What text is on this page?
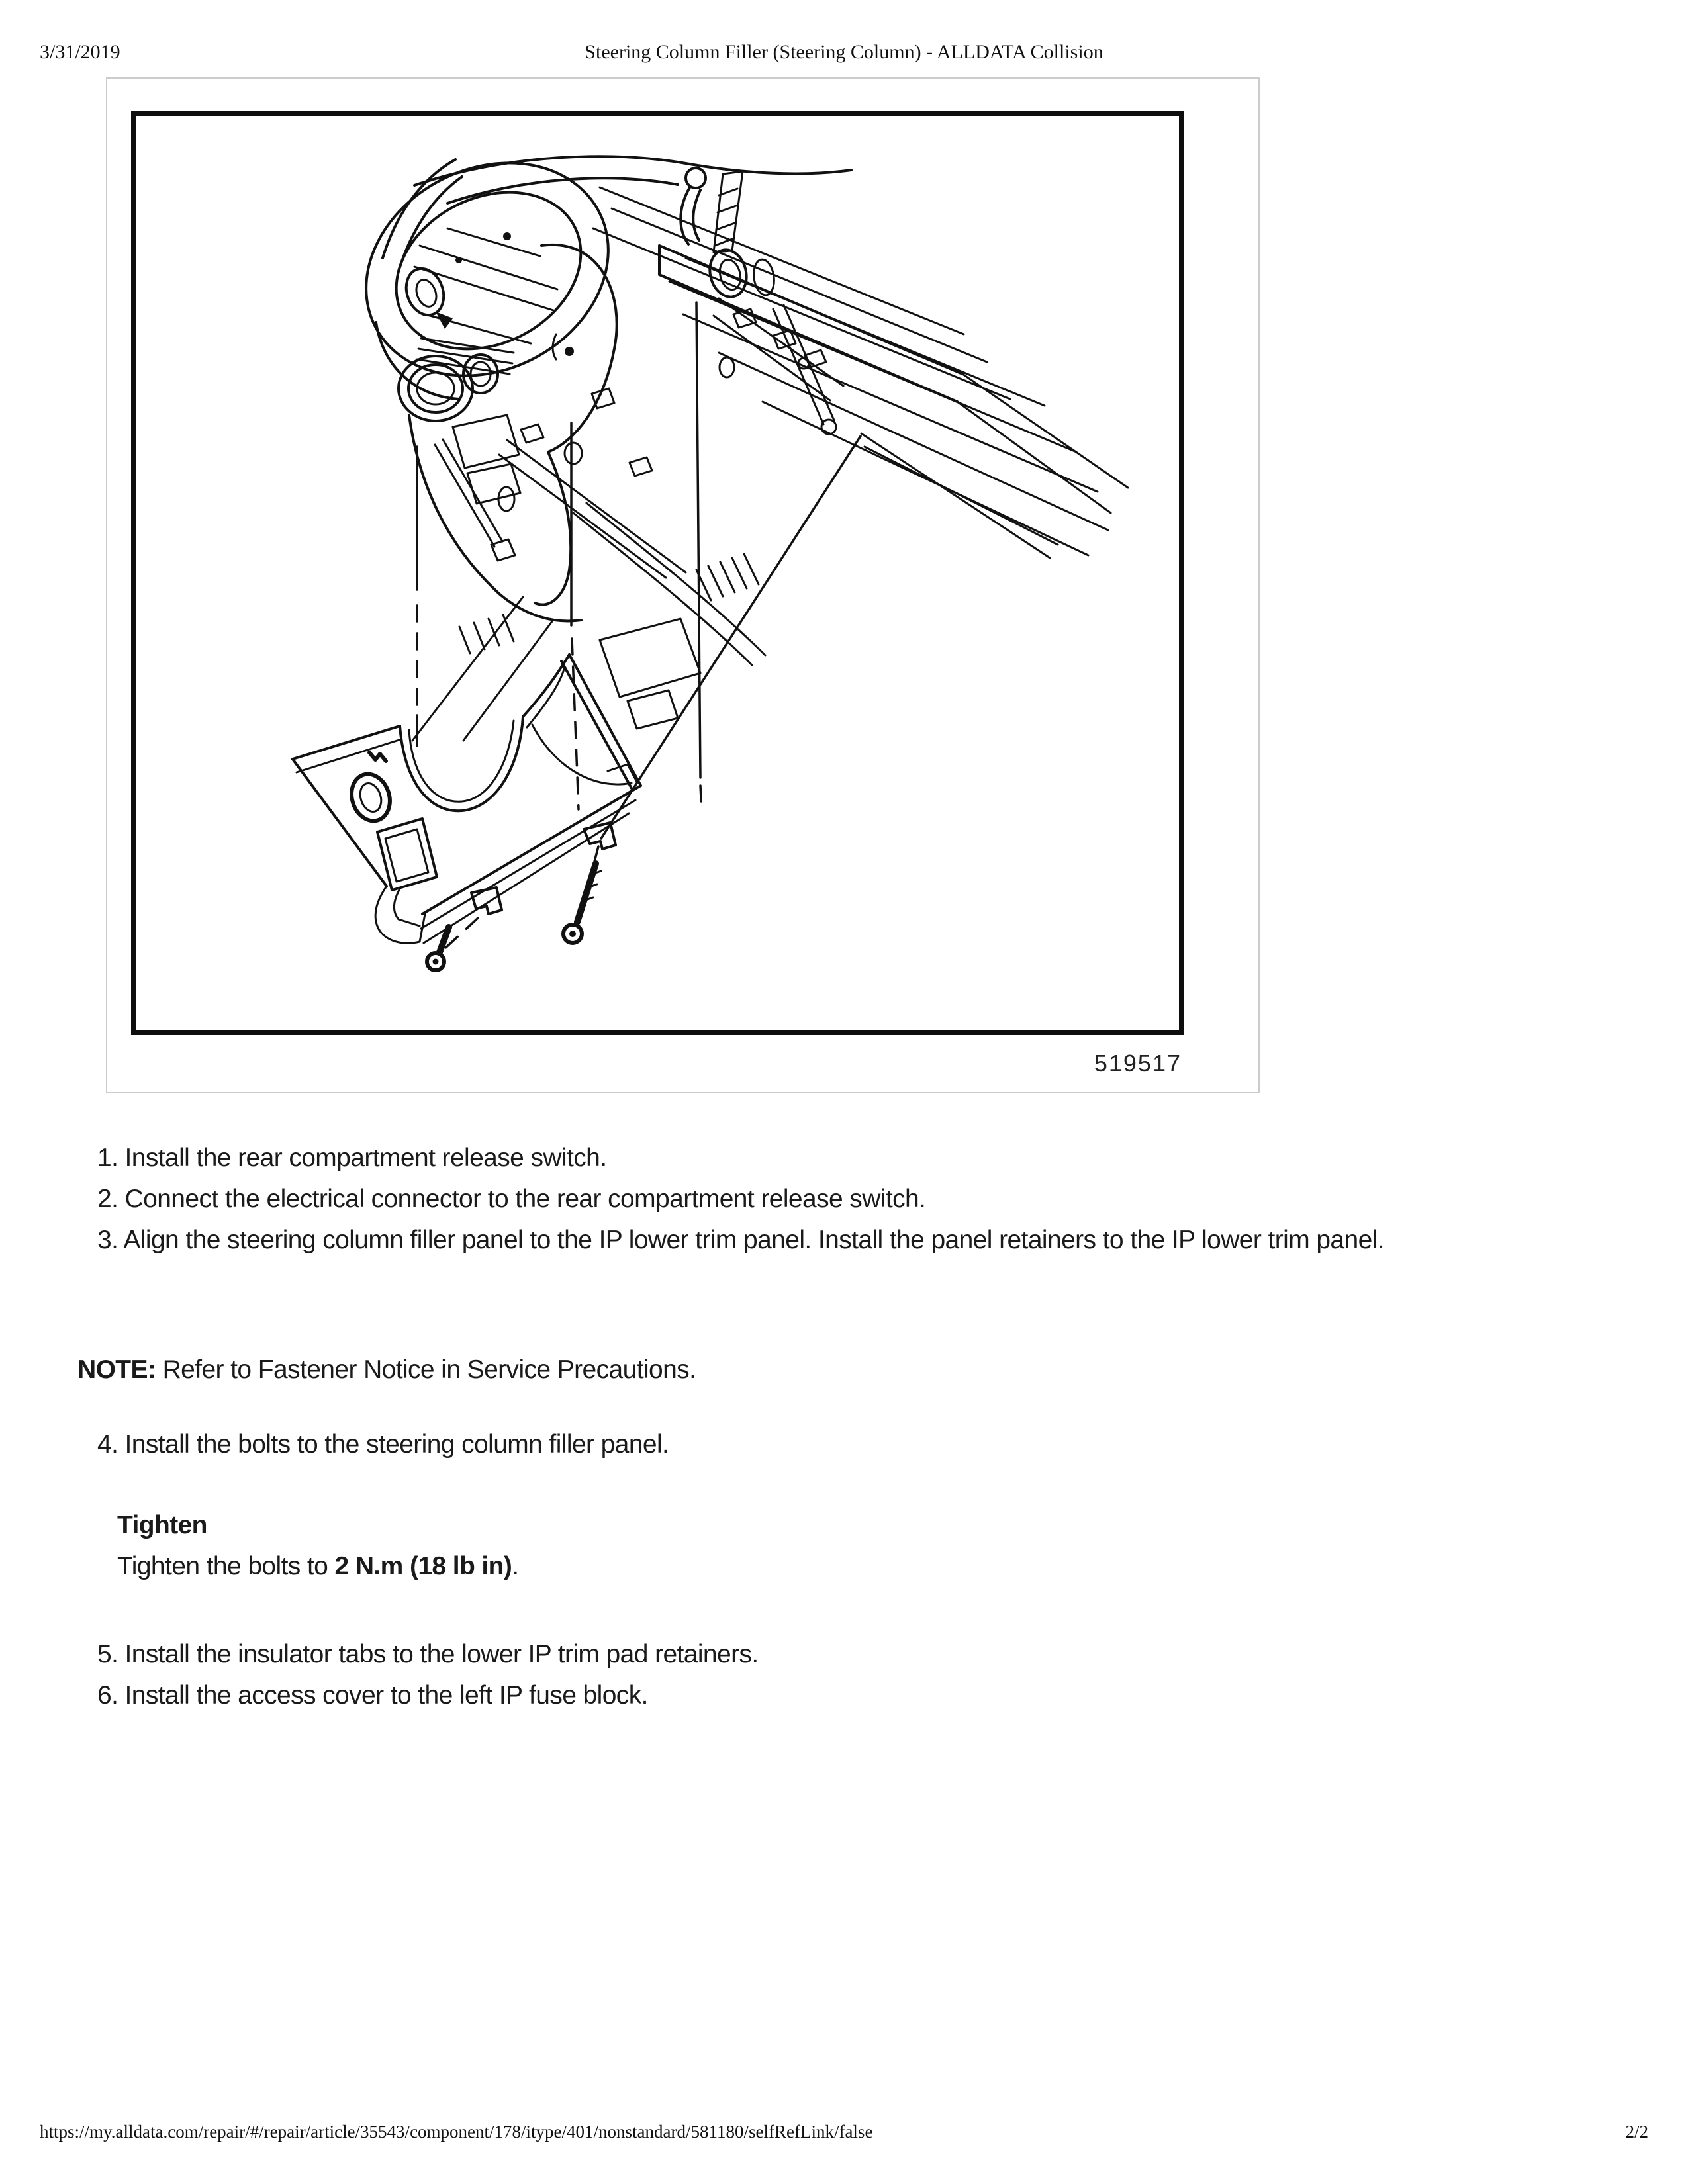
3/31/2019	Steering Column Filler (Steering Column) - ALLDATA Collision
519517

1. Install the rear compartment release switch.

2. Connect the electrical connector to the rear compartment release switch.

3. Align the steering column filler panel to the IP lower trim panel. Install the panel retainers to the IP lower trim panel.

NOTE: Refer to Fastener Notice in Service Precautions.

4. Install the bolts to the steering column filler panel.

Tighten
Tighten the bolts to 2 N.m (18 lb in).

5. Install the insulator tabs to the lower IP trim pad retainers.

6. Install the access cover to the left IP fuse block.

https://my.alldata.com/repair/#/repair/article/35543/component/178/itype/401/nonstandard/581180/selfRefLink/false	2/2
